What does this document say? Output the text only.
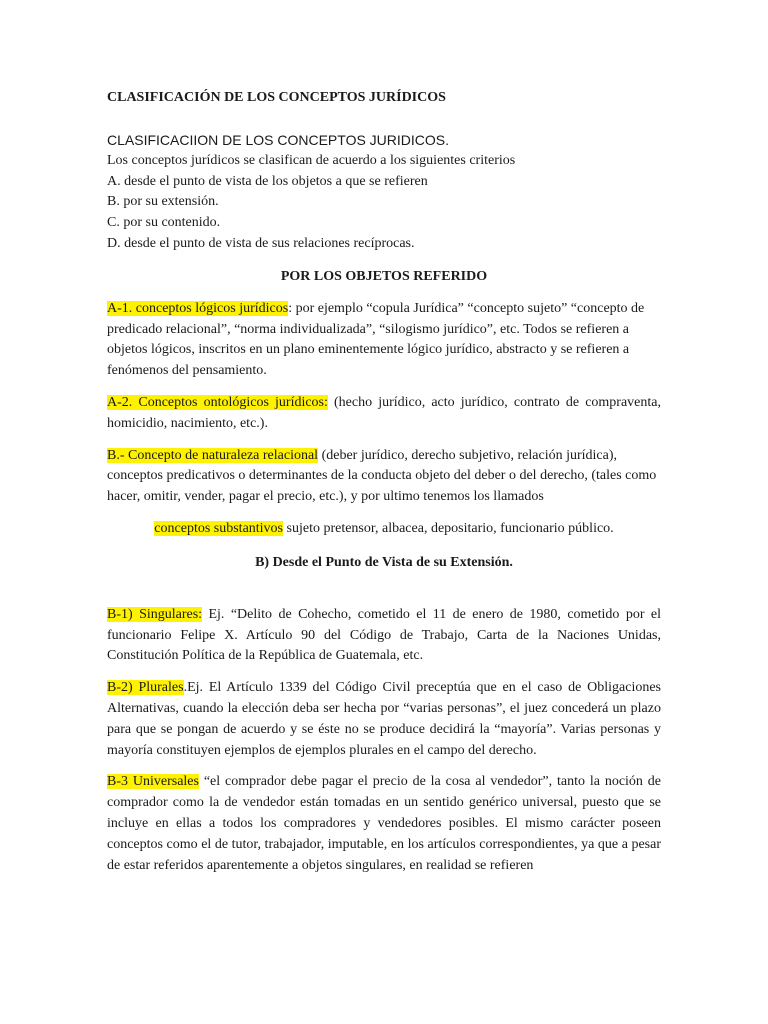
CLASIFICACIÓN DE LOS CONCEPTOS JURÍDICOS

CLASIFICACIION DE LOS CONCEPTOS JURIDICOS.

Los conceptos jurídicos se clasifican de acuerdo a los siguientes criterios

A. desde el punto de vista de los objetos a que se refieren

B. por su extensión.

C. por su contenido.

D. desde el punto de vista de sus relaciones recíprocas.

POR LOS OBJETOS REFERIDO

A-1. conceptos lógicos jurídicos: por ejemplo “copula Jurídica” “concepto sujeto” “concepto de predicado relacional”, “norma individualizada”, “silogismo jurídico”, etc. Todos se refieren a objetos lógicos, inscritos en un plano eminentemente lógico jurídico, abstracto y se refieren a fenómenos del pensamiento.

A-2. Conceptos ontológicos jurídicos: (hecho jurídico, acto jurídico, contrato de compraventa, homicidio, nacimiento, etc.).

B.- Concepto de naturaleza relacional (deber jurídico, derecho subjetivo, relación jurídica), conceptos predicativos o determinantes de la conducta objeto del deber o del derecho, (tales como hacer, omitir, vender, pagar el precio, etc.), y por ultimo tenemos los llamados

conceptos substantivos sujeto pretensor, albacea, depositario, funcionario público.

B) Desde el Punto de Vista de su Extensión.

B-1) Singulares: Ej. “Delito de Cohecho, cometido el 11 de enero de 1980, cometido por el funcionario Felipe X. Artículo 90 del Código de Trabajo, Carta de la Naciones Unidas, Constitución Política de la República de Guatemala, etc.

B-2) Plurales.Ej. El Artículo 1339 del Código Civil preceptúa que en el caso de Obligaciones Alternativas, cuando la elección deba ser hecha por “varias personas”, el juez concederá un plazo para que se pongan de acuerdo y se éste no se produce decidirá la “mayoría”. Varias personas y mayoría constituyen ejemplos de ejemplos plurales en el campo del derecho.

B-3 Universales “el comprador debe pagar el precio de la cosa al vendedor”, tanto la noción de comprador como la de vendedor están tomadas en un sentido genérico universal, puesto que se incluye en ellas a todos los compradores y vendedores posibles. El mismo carácter poseen conceptos como el de tutor, trabajador, imputable, en los artículos correspondientes, ya que a pesar de estar referidos aparentemente a objetos singulares, en realidad se refieren
